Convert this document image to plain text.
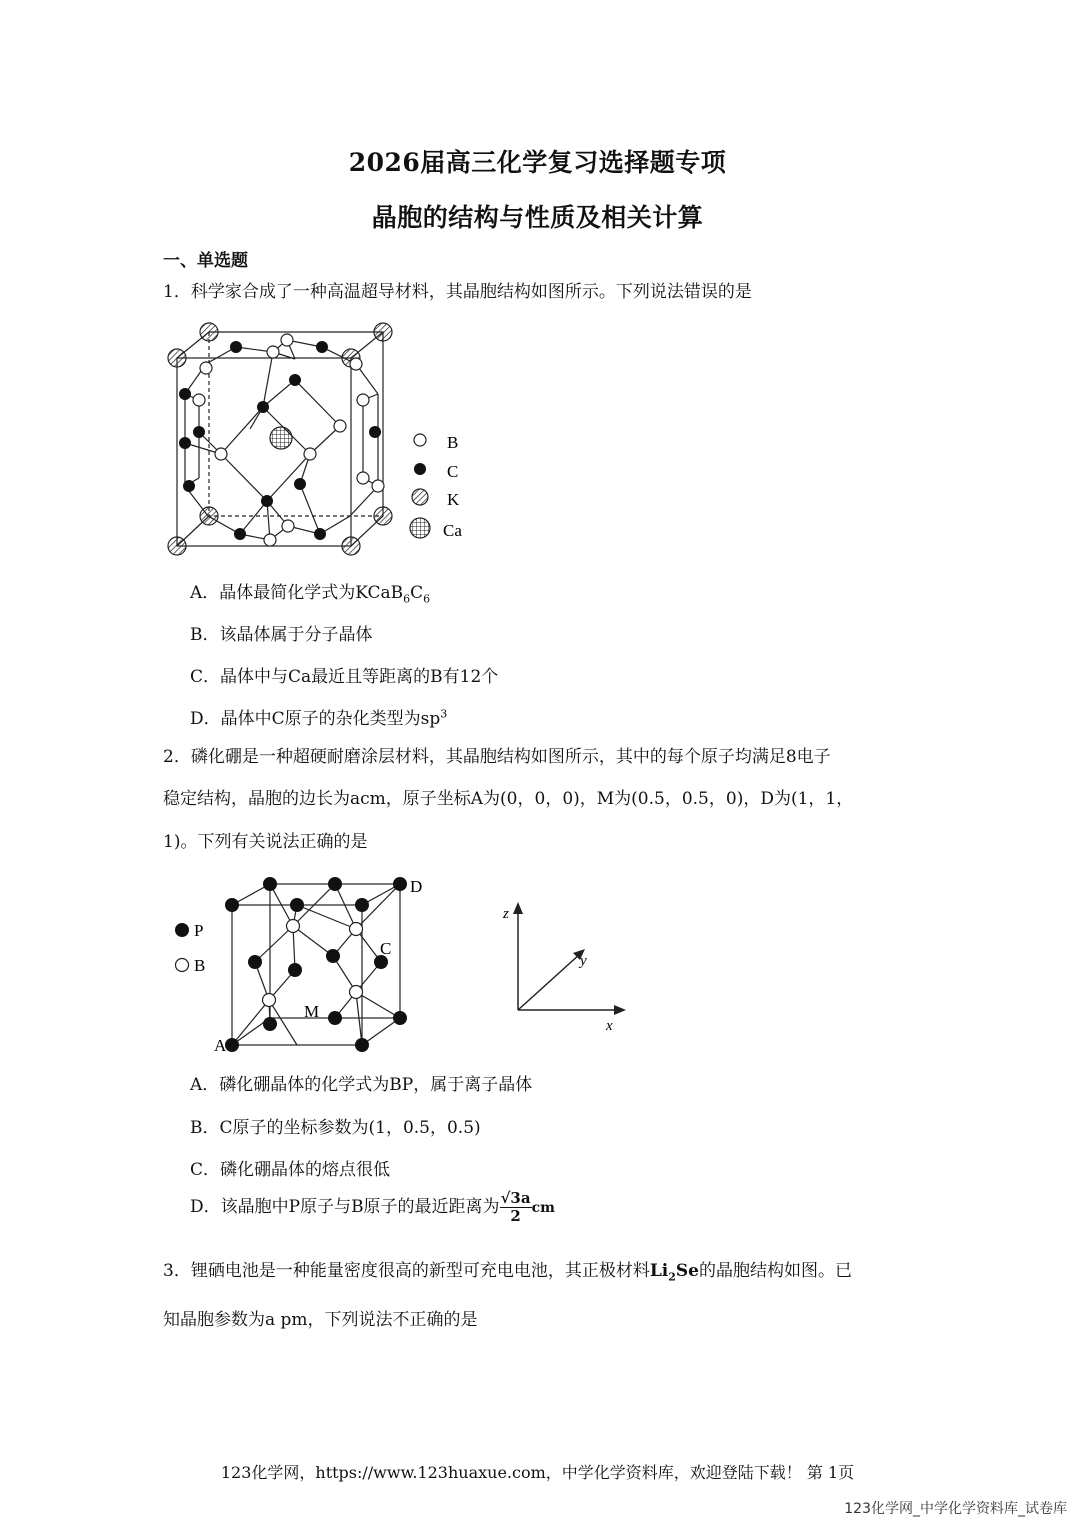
2026届高三化学复习选择题专项
晶胞的结构与性质及相关计算
一、单选题
1．科学家合成了一种高温超导材料，其晶胞结构如图所示。下列说法错误的是
B
C
K
Ca
A．晶体最简化学式为$KCaB_6C_6$
B．该晶体属于分子晶体
C．晶体中与Ca最近且等距离的B有12个
D．晶体中C原子的杂化类型为$sp^3$
2．磷化硼是一种超硬耐磨涂层材料，其晶胞结构如图所示，其中的每个原子均满足8电子
稳定结构，晶胞的边长为acm，原子坐标A为(0，0，0)，M为(0.5，0.5，0)，D为(1，1，
1)。下列有关说法正确的是
A
M
C
D
P
B
z
y
x
A．磷化硼晶体的化学式为BP，属于离子晶体
B．C原子的坐标参数为(1，0.5，0.5)
C．磷化硼晶体的熔点很低
D．该晶胞中P原子与B原子的最近距离为 $\frac{√3a}{2}$ cm
3．锂硒电池是一种能量密度很高的新型可充电电池，其正极材料$Li_2Se$的晶胞结构如图。已
知晶胞参数为a pm，下列说法不正确的是
123化学网，https://www.123huaxue.com，中学化学资料库，欢迎登陆下载！ 第 1页
123化学网_中学化学资料库_试卷库
